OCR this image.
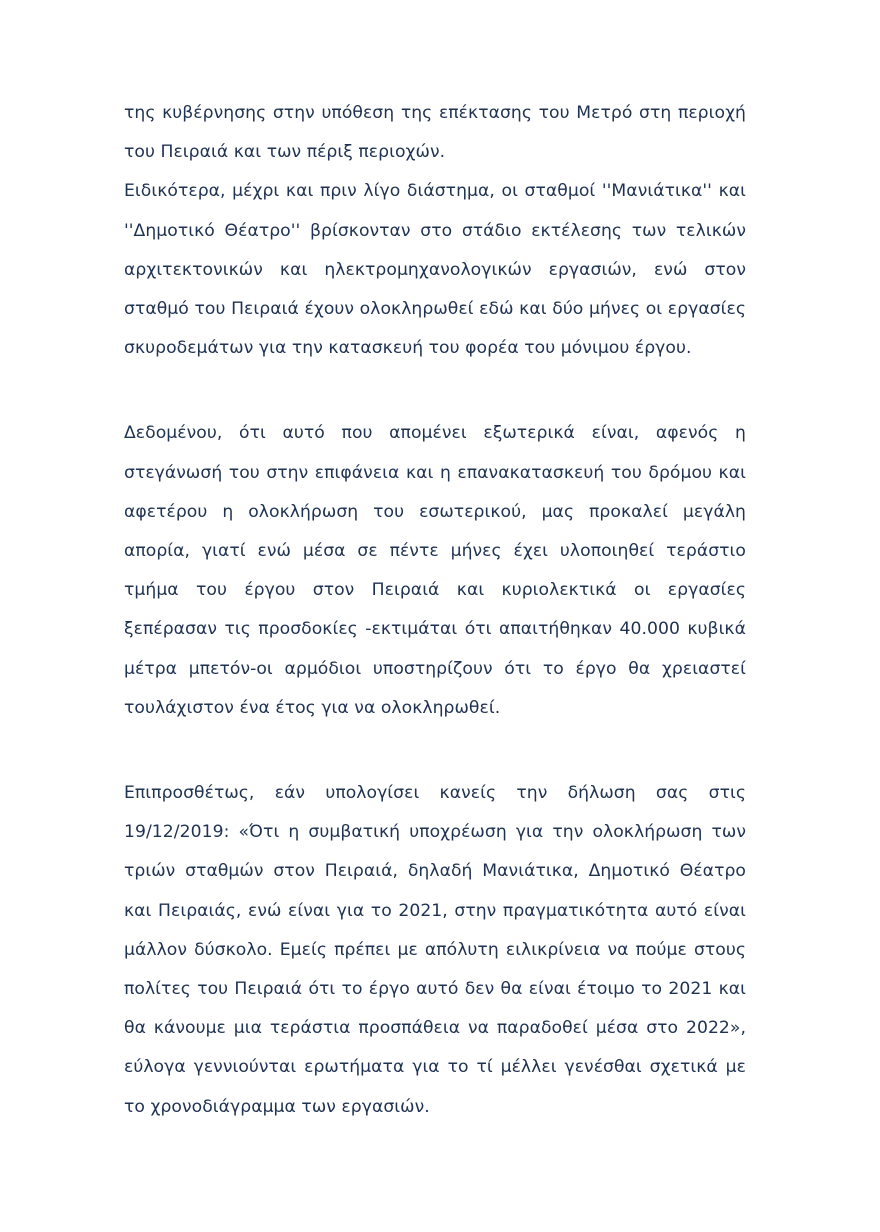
της κυβέρνησης στην υπόθεση της επέκτασης του Μετρό στη περιοχή του Πειραιά και των πέριξ περιοχών.

Ειδικότερα, μέχρι και πριν λίγο διάστημα, οι σταθμοί ''Μανιάτικα'' και ''Δημοτικό Θέατρο'' βρίσκονταν στο στάδιο εκτέλεσης των τελικών αρχιτεκτονικών και ηλεκτρομηχανολογικών εργασιών, ενώ στον σταθμό του Πειραιά έχουν ολοκληρωθεί εδώ και δύο μήνες οι εργασίες σκυροδεμάτων για την κατασκευή του φορέα του μόνιμου έργου.

Δεδομένου, ότι αυτό που απομένει εξωτερικά είναι, αφενός η στεγάνωσή του στην επιφάνεια και η επανακατασκευή του δρόμου και αφετέρου η ολοκλήρωση του εσωτερικού, μας προκαλεί μεγάλη απορία, γιατί ενώ μέσα σε πέντε μήνες έχει υλοποιηθεί τεράστιο τμήμα του έργου στον Πειραιά και κυριολεκτικά οι εργασίες ξεπέρασαν τις προσδοκίες -εκτιμάται ότι απαιτήθηκαν 40.000 κυβικά μέτρα μπετόν-οι αρμόδιοι υποστηρίζουν ότι το έργο θα χρειαστεί τουλάχιστον ένα έτος για να ολοκληρωθεί.

Επιπροσθέτως, εάν υπολογίσει κανείς την δήλωση σας στις 19/12/2019: «Ότι η συμβατική υποχρέωση για την ολοκλήρωση των τριών σταθμών στον Πειραιά, δηλαδή Μανιάτικα, Δημοτικό Θέατρο και Πειραιάς, ενώ είναι για το 2021, στην πραγματικότητα αυτό είναι μάλλον δύσκολο. Εμείς πρέπει με απόλυτη ειλικρίνεια να πούμε στους πολίτες του Πειραιά ότι το έργο αυτό δεν θα είναι έτοιμο το 2021 και θα κάνουμε μια τεράστια προσπάθεια να παραδοθεί μέσα στο 2022», εύλογα γεννιούνται ερωτήματα για το τί μέλλει γενέσθαι σχετικά με το χρονοδιάγραμμα των εργασιών.
